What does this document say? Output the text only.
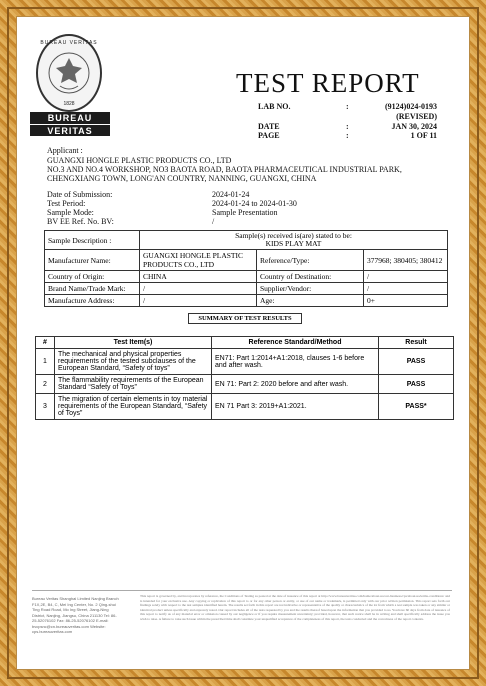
BUREAU VERITAS
1828
BUREAU
VERITAS
TEST REPORT
LAB NO.	:	(9124)024-0193
(REVISED)
DATE	:	JAN 30, 2024
PAGE	:	1 OF 11
Applicant :
GUANGXI HONGLE PLASTIC PRODUCTS CO., LTD
NO.3 AND NO.4 WORKSHOP, NO3 BAOTA ROAD, BAOTA PHARMACEUTICAL INDUSTRIAL PARK,
CHENGXIANG TOWN, LONG'AN COUNTRY, NANNING, GUANGXI, CHINA
Date of Submission:	2024-01-24
Test Period:	2024-01-24 to 2024-01-30
Sample Mode:	Sample Presentation
BV EE Ref. No. BV:	/
Sample Description :	Sample(s) received is(are) stated to be:
KIDS PLAY MAT		

Manufacturer Name:	GUANGXI HONGLE PLASTIC PRODUCTS CO., LTD	Reference/Type:	377968; 380405; 380412
Country of Origin:	CHINA	Country of Destination:	/
Brand Name/Trade Mark:	/	Supplier/Vendor:	/
Manufacture Address:	/	Age:	0+
SUMMARY OF TEST RESULTS
#	Test Item(s)	Reference Standard/Method	Result
1	The mechanical and physical properties requirements of the tested subclauses of the European Standard, “Safety of toys”	EN71: Part 1:2014+A1:2018, clauses 1-6 before and after wash.	PASS
2	The flammability requirements of the European Standard “Safety of Toys”	EN 71: Part 2: 2020 before and after wash.	PASS
3	The migration of certain elements in toy material requirements of the European Standard, “Safety of Toys”	EN 71 Part 3: 2019+A1:2021.	PASS*
Bureau Veritas Shanghai Limited Nanjing Branch F1X,2E, B4, C, Mei Ing Center, No. 2 Qing-shui Ting Road Road, Mo Ing Street, Jiang-Ning District, Nanjing, Jiangsu, China 211130 Tel: 86-25-52076102 Fax: 86-25-52076102 E-mail: bvcpsnc@cn.bureauveritas.com Website: cps.bureauveritas.com
This report is governed by, and incorporates by reference, the Conditions of Testing as posted at the date of issuance of this report at http://www.bureauveritas.com/home/about-us/our-business/cps/about-us/terms-conditions/ and is intended for your exclusive use. Any copying or replication of this report to or for any other person or entity, or use of our name or trademark, is permitted only with our prior written permission. This report sets forth our findings solely with respect to the test samples identified herein. The results set forth in this report are not indicative or representative of the quality or characteristics of the lot from which a test sample was taken or any similar or identical product unless specifically and expressly noted. Our report includes all of the tests requested by you and the results thereof based upon the information that you provided to us. You have 60 days from date of issuance of this report to notify us of any material error or omission caused by our negligence or if you require measurement uncertainty; provided, however, that such notice shall be in writing and shall specifically address the issue you wish to raise. A failure to raise such issue within the prescribed time shall constitute your unqualified acceptance of the completeness of this report, the tests conducted and the correctness of the report contents.
